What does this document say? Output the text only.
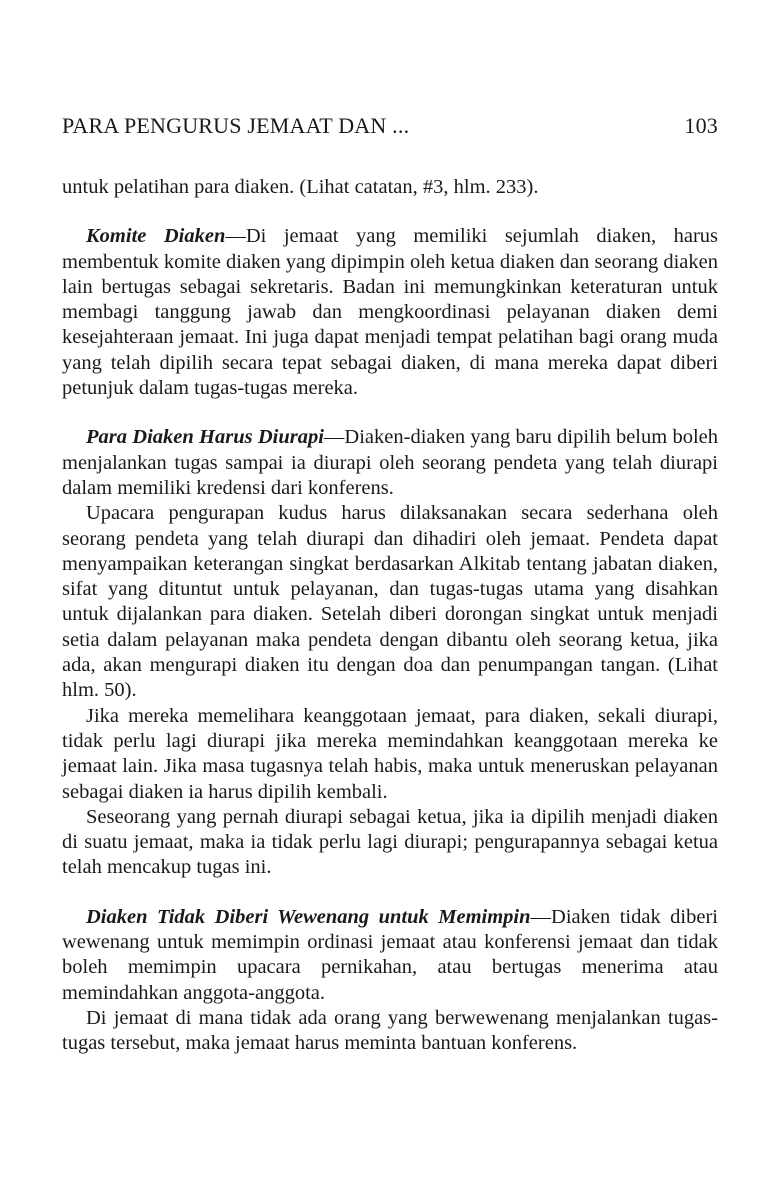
PARA PENGURUS JEMAAT DAN ...	103

untuk pelatihan para diaken. (Lihat catatan, #3, hlm. 233).

Komite Diaken—Di jemaat yang memiliki sejumlah diaken, harus membentuk komite diaken yang dipimpin oleh ketua diaken dan seorang diaken lain bertugas sebagai sekretaris. Badan ini memungkinkan keteraturan untuk membagi tanggung jawab dan mengkoordinasi pelayanan diaken demi kesejahteraan jemaat. Ini juga dapat menjadi tempat pelatihan bagi orang muda yang telah dipilih secara tepat sebagai diaken, di mana mereka dapat diberi petunjuk dalam tugas-tugas mereka.

Para Diaken Harus Diurapi—Diaken-diaken yang baru dipilih belum boleh menjalankan tugas sampai ia diurapi oleh seorang pendeta yang telah diurapi dalam memiliki kredensi dari konferens.

Upacara pengurapan kudus harus dilaksanakan secara sederhana oleh seorang pendeta yang telah diurapi dan dihadiri oleh jemaat. Pendeta dapat menyampaikan keterangan singkat berdasarkan Alkitab tentang jabatan diaken, sifat yang dituntut untuk pelayanan, dan tugas-tugas utama yang disahkan untuk dijalankan para diaken. Setelah diberi dorongan singkat untuk menjadi setia dalam pelayanan maka pendeta dengan dibantu oleh seorang ketua, jika ada, akan mengurapi diaken itu dengan doa dan penumpangan tangan. (Lihat hlm. 50).

Jika mereka memelihara keanggotaan jemaat, para diaken, sekali diurapi, tidak perlu lagi diurapi jika mereka memindahkan keanggotaan mereka ke jemaat lain. Jika masa tugasnya telah habis, maka untuk meneruskan pelayanan sebagai diaken ia harus dipilih kembali.

Seseorang yang pernah diurapi sebagai ketua, jika ia dipilih menjadi diaken di suatu jemaat, maka ia tidak perlu lagi diurapi; pengurapannya sebagai ketua telah mencakup tugas ini.

Diaken Tidak Diberi Wewenang untuk Memimpin—Diaken tidak diberi wewenang untuk memimpin ordinasi jemaat atau konferensi jemaat dan tidak boleh memimpin upacara pernikahan, atau bertugas menerima atau memindahkan anggota-anggota.

Di jemaat di mana tidak ada orang yang berwewenang menjalankan tugas-tugas tersebut, maka jemaat harus meminta bantuan konferens.
